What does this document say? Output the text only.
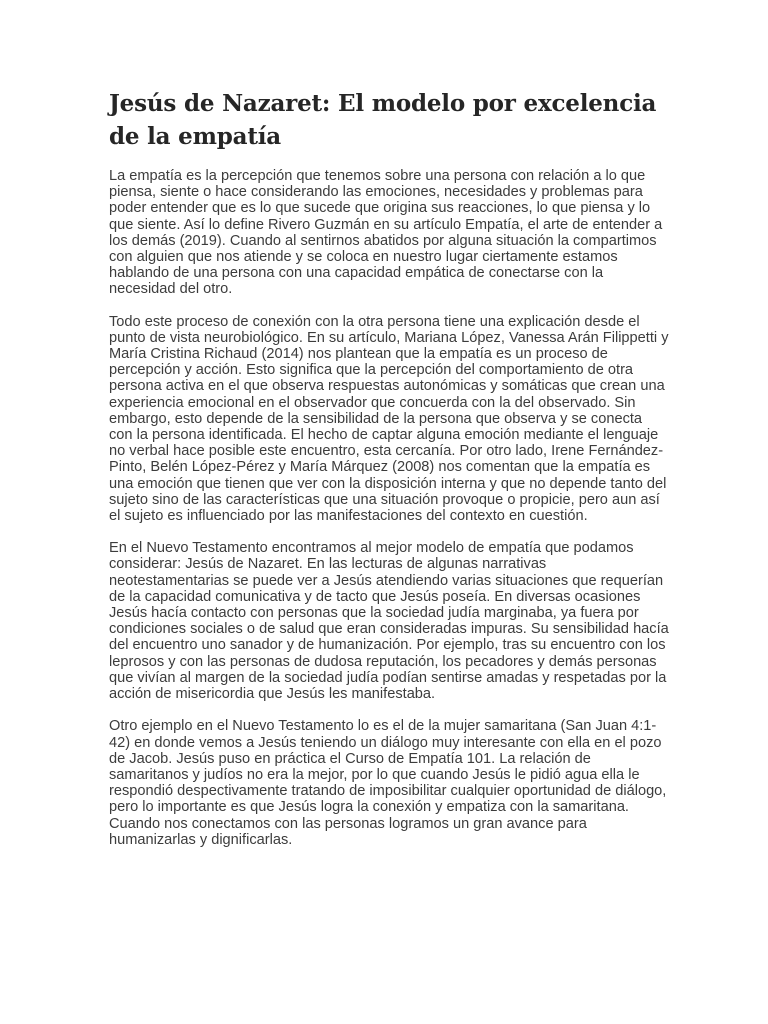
Jesús de Nazaret: El modelo por excelencia de la empatía

La empatía es la percepción que tenemos sobre una persona con relación a lo que piensa, siente o hace considerando las emociones, necesidades y problemas para poder entender que es lo que sucede que origina sus reacciones, lo que piensa y lo que siente. Así lo define Rivero Guzmán en su artículo Empatía, el arte de entender a los demás (2019). Cuando al sentirnos abatidos por alguna situación la compartimos con alguien que nos atiende y se coloca en nuestro lugar ciertamente estamos hablando de una persona con una capacidad empática de conectarse con la necesidad del otro.

Todo este proceso de conexión con la otra persona tiene una explicación desde el punto de vista neurobiológico. En su artículo, Mariana López, Vanessa Arán Filippetti y María Cristina Richaud (2014) nos plantean que la empatía es un proceso de percepción y acción. Esto significa que la percepción del comportamiento de otra persona activa en el que observa respuestas autonómicas y somáticas que crean una experiencia emocional en el observador que concuerda con la del observado. Sin embargo, esto depende de la sensibilidad de la persona que observa y se conecta con la persona identificada. El hecho de captar alguna emoción mediante el lenguaje no verbal hace posible este encuentro, esta cercanía. Por otro lado, Irene Fernández-Pinto, Belén López-Pérez y María Márquez (2008) nos comentan que la empatía es una emoción que tienen que ver con la disposición interna y que no depende tanto del sujeto sino de las características que una situación provoque o propicie, pero aun así el sujeto es influenciado por las manifestaciones del contexto en cuestión.

En el Nuevo Testamento encontramos al mejor modelo de empatía que podamos considerar: Jesús de Nazaret. En las lecturas de algunas narrativas neotestamentarias se puede ver a Jesús atendiendo varias situaciones que requerían de la capacidad comunicativa y de tacto que Jesús poseía. En diversas ocasiones Jesús hacía contacto con personas que la sociedad judía marginaba, ya fuera por condiciones sociales o de salud que eran consideradas impuras. Su sensibilidad hacía del encuentro uno sanador y de humanización. Por ejemplo, tras su encuentro con los leprosos y con las personas de dudosa reputación, los pecadores y demás personas que vivían al margen de la sociedad judía podían sentirse amadas y respetadas por la acción de misericordia que Jesús les manifestaba.

Otro ejemplo en el Nuevo Testamento lo es el de la mujer samaritana (San Juan 4:1-42) en donde vemos a Jesús teniendo un diálogo muy interesante con ella en el pozo de Jacob. Jesús puso en práctica el Curso de Empatía 101. La relación de samaritanos y judíos no era la mejor, por lo que cuando Jesús le pidió agua ella le respondió despectivamente tratando de imposibilitar cualquier oportunidad de diálogo, pero lo importante es que Jesús logra la conexión y empatiza con la samaritana. Cuando nos conectamos con las personas logramos un gran avance para humanizarlas y dignificarlas.
